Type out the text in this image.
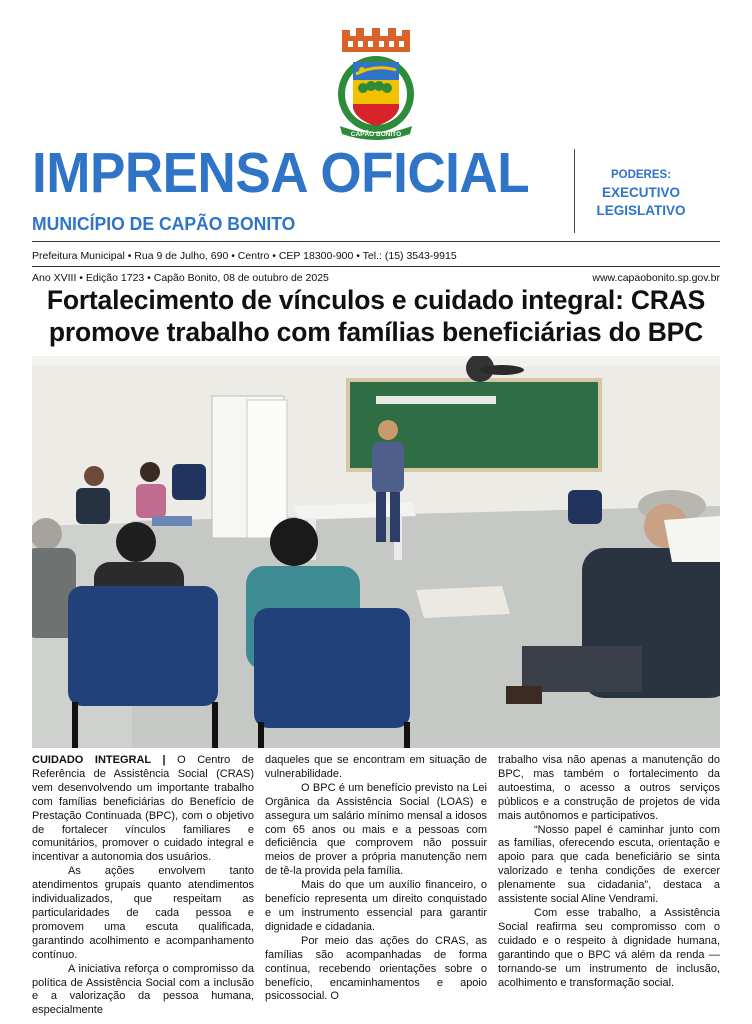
CAPÃO BONITO
IMPRENSA OFICIAL
MUNICÍPIO DE CAPÃO BONITO
PODERES:
EXECUTIVO
LEGISLATIVO
Prefeitura Municipal • Rua 9 de Julho, 690 • Centro • CEP 18300-900 • Tel.: (15) 3543-9915
Ano XVIII • Edição 1723 • Capão Bonito, 08 de outubro de 2025	www.capaobonito.sp.gov.br
Fortalecimento de vínculos e cuidado integral: CRAS
promove trabalho com famílias beneficiárias do BPC

CUIDADO INTEGRAL | O Centro de Referência de Assistência Social (CRAS) vem desenvolvendo um importante trabalho com famílias beneficiárias do Benefício de Prestação Continuada (BPC), com o objetivo de fortalecer vínculos familiares e comunitários, promover o cuidado integral e incentivar a autonomia dos usuários.

As ações envolvem tanto atendimentos grupais quanto atendimentos individualizados, que respeitam as particularidades de cada pessoa e promovem uma escuta qualificada, garantindo acolhimento e acompanhamento contínuo.

A iniciativa reforça o compromisso da política de Assistência Social com a inclusão e a valorização da pessoa humana, especialmente

daqueles que se encontram em situação de vulnerabilidade.

O BPC é um benefício previsto na Lei Orgânica da Assistência Social (LOAS) e assegura um salário mínimo mensal a idosos com 65 anos ou mais e a pessoas com deficiência que comprovem não possuir meios de prover a própria manutenção nem de tê-la provida pela família.

Mais do que um auxílio financeiro, o benefício representa um direito conquistado e um instrumento essencial para garantir dignidade e cidadania.

Por meio das ações do CRAS, as famílias são acompanhadas de forma contínua, recebendo orientações sobre o benefício, encaminhamentos e apoio psicossocial. O

trabalho visa não apenas a manutenção do BPC, mas também o fortalecimento da autoestima, o acesso a outros serviços públicos e a construção de projetos de vida mais autônomos e participativos.

“Nosso papel é caminhar junto com as famílias, oferecendo escuta, orientação e apoio para que cada beneficiário se sinta valorizado e tenha condições de exercer plenamente sua cidadania”, destaca a assistente social Aline Vendrami.

Com esse trabalho, a Assistência Social reafirma seu compromisso com o cuidado e o respeito à dignidade humana, garantindo que o BPC vá além da renda — tornando-se um instrumento de inclusão, acolhimento e transformação social.
